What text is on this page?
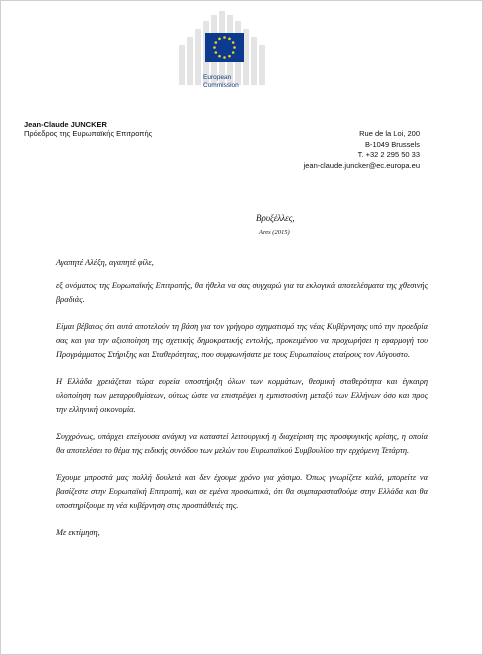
European
Commission
Jean-Claude JUNCKER
Πρόεδρος της Ευρωπαϊκής Επιτροπής	Rue de la Loi, 200
B-1049 Brussels
T. +32 2 295 50 33
jean-claude.juncker@ec.europa.eu
Βρυξέλλες,
Ares (2015)

Αγαπητέ Αλέξη, αγαπητέ φίλε,

εξ ονόματος της Ευρωπαϊκής Επιτροπής, θα ήθελα να σας συγχαρώ για τα εκλογικά αποτελέσματα της χθεσινής βραδιάς.

Είμαι βέβαιος ότι αυτά αποτελούν τη βάση για τον γρήγορο σχηματισμό της νέας Κυβέρνησης υπό την προεδρία σας και για την αξιοποίηση της σχετικής δημοκρατικής εντολής, προκειμένου να προχωρήσει η εφαρμογή του Προγράμματος Στήριξης και Σταθερότητας, που συμφωνήσατε με τους Ευρωπαίους εταίρους τον Αύγουστο.

Η Ελλάδα χρειάζεται τώρα ευρεία υποστήριξη όλων των κομμάτων, θεσμική σταθερότητα και έγκαιρη υλοποίηση των μεταρρυθμίσεων, ούτως ώστε να επιστρέψει η εμπιστοσύνη μεταξύ των Ελλήνων όσο και προς την ελληνική οικονομία.

Συγχρόνως, υπάρχει επείγουσα ανάγκη να καταστεί λειτουργική η διαχείριση της προσφυγικής κρίσης, η οποία θα αποτελέσει το θέμα της ειδικής συνόδου των μελών του Ευρωπαϊκού Συμβουλίου την ερχόμενη Τετάρτη.

Έχουμε μπροστά μας πολλή δουλειά και δεν έχουμε χρόνο για χάσιμο. Όπως γνωρίζετε καλά, μπορείτε να βασίζεστε στην Ευρωπαϊκή Επιτροπή, και σε εμένα προσωπικά, ότι θα συμπαρασταθούμε στην Ελλάδα και θα υποστηρίξουμε τη νέα κυβέρνηση στις προσπάθειές της.

Με εκτίμηση,
